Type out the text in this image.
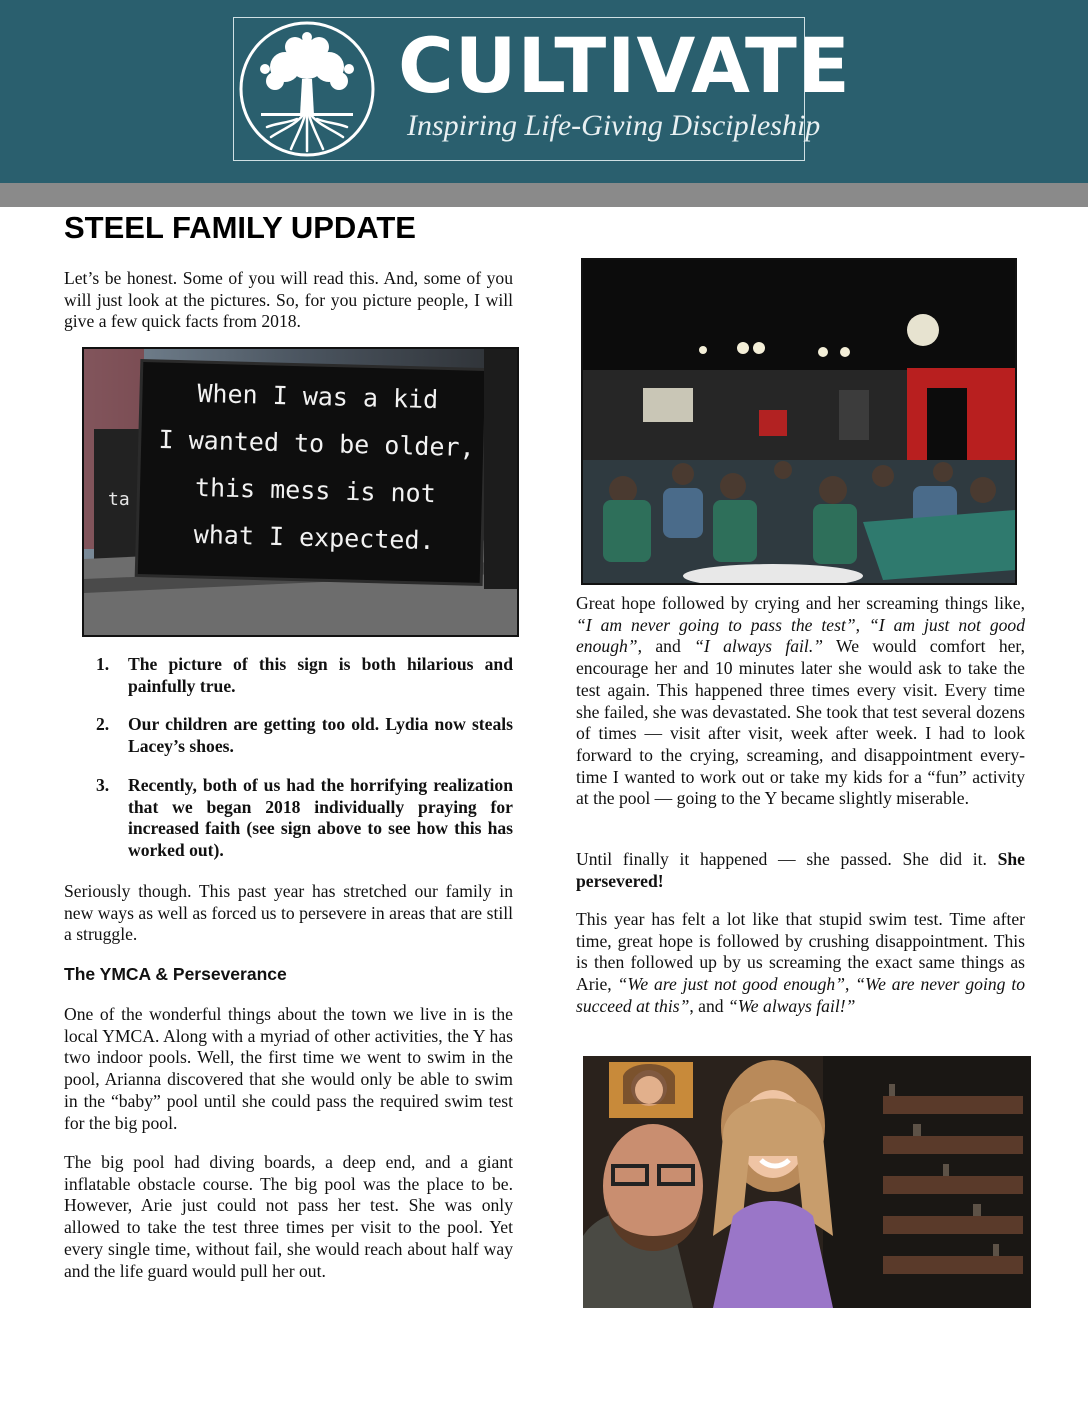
CULTIVATE
Inspiring Life-Giving Discipleship
STEEL FAMILY UPDATE

Let’s be honest. Some of you will read this. And, some of you will just look at the pictures. So, for you picture people, I will give a few quick facts from 2018.

ta
When I was a kid
I wanted to be older,
this mess is not
what I expected.
1. The picture of this sign is both hilarious and painfully true.
2. Our children are getting too old. Lydia now steals Lacey’s shoes.
3. Recently, both of us had the horrifying realization that we began 2018 individually praying for increased faith (see sign above to see how this has worked out).

Seriously though. This past year has stretched our family in new ways as well as forced us to persevere in areas that are still a struggle.

The YMCA & Perseverance

One of the wonderful things about the town we live in is the local YMCA. Along with a myriad of other activities, the Y has two indoor pools. Well, the first time we went to swim in the pool, Arianna discovered that she would only be able to swim in the “baby” pool until she could pass the required swim test for the big pool.

The big pool had diving boards, a deep end, and a giant inflatable obstacle course. The big pool was the place to be. However, Arie just could not pass her test. She was only allowed to take the test three times per visit to the pool. Yet every single time, without fail, she would reach about half way and the life guard would pull her out.

Great hope followed by crying and her screaming things like, “I am never going to pass the test”, “I am just not good enough”, and “I always fail.” We would comfort her, encourage her and 10 minutes later she would ask to take the test again. This happened three times every visit. Every time she failed, she was devastated. She took that test several dozens of times — visit after visit, week after week. I had to look forward to the crying, screaming, and disappointment every-time I wanted to work out or take my kids for a “fun” activity at the pool — going to the Y became slightly miserable.

Until finally it happened — she passed. She did it. She persevered!

This year has felt a lot like that stupid swim test. Time after time, great hope is followed by crushing disappointment. This is then followed up by us screaming the exact same things as Arie, “We are just not good enough”, “We are never going to succeed at this”, and “We always fail!”
